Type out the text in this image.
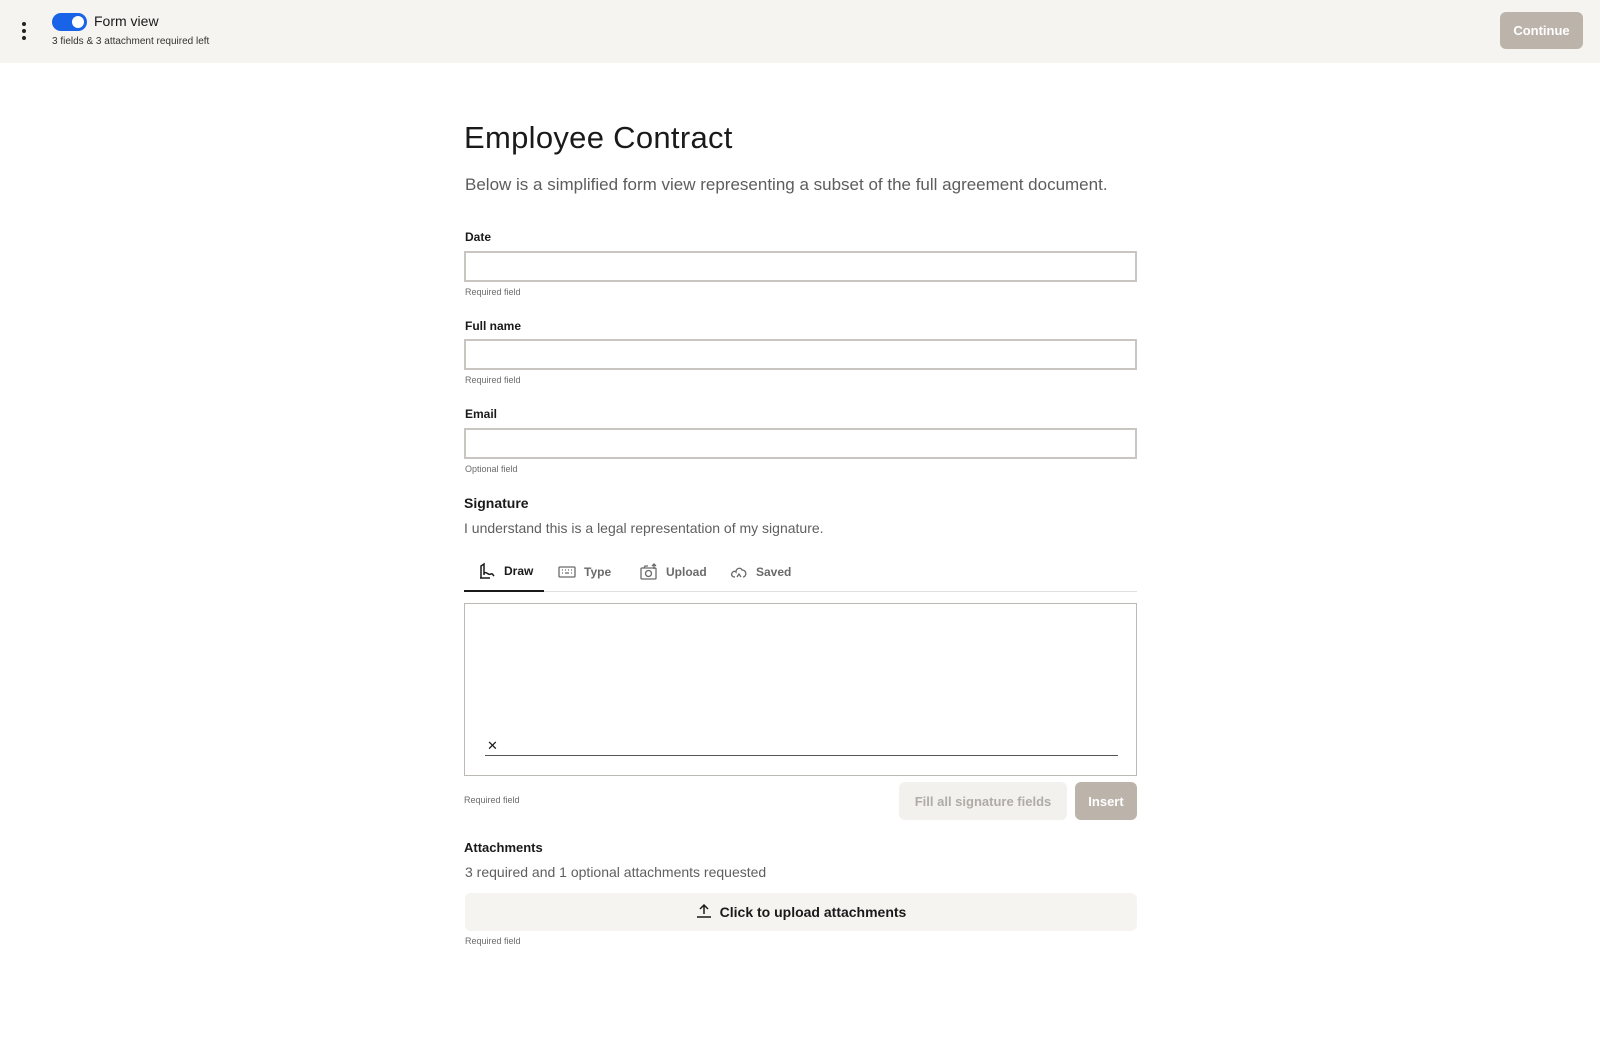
Form view
3 fields & 3 attachment required left
Continue
Employee Contract

Below is a simplified form view representing a subset of the full agreement document.

Date
Required field
Full name
Required field
Email
Optional field
Signature

I understand this is a legal representation of my signature.

Draw	Type	Upload	Saved
✕
Required field	Fill all signature fields	Insert
Attachments

3 required and 1 optional attachments requested

Click to upload attachments
Required field
